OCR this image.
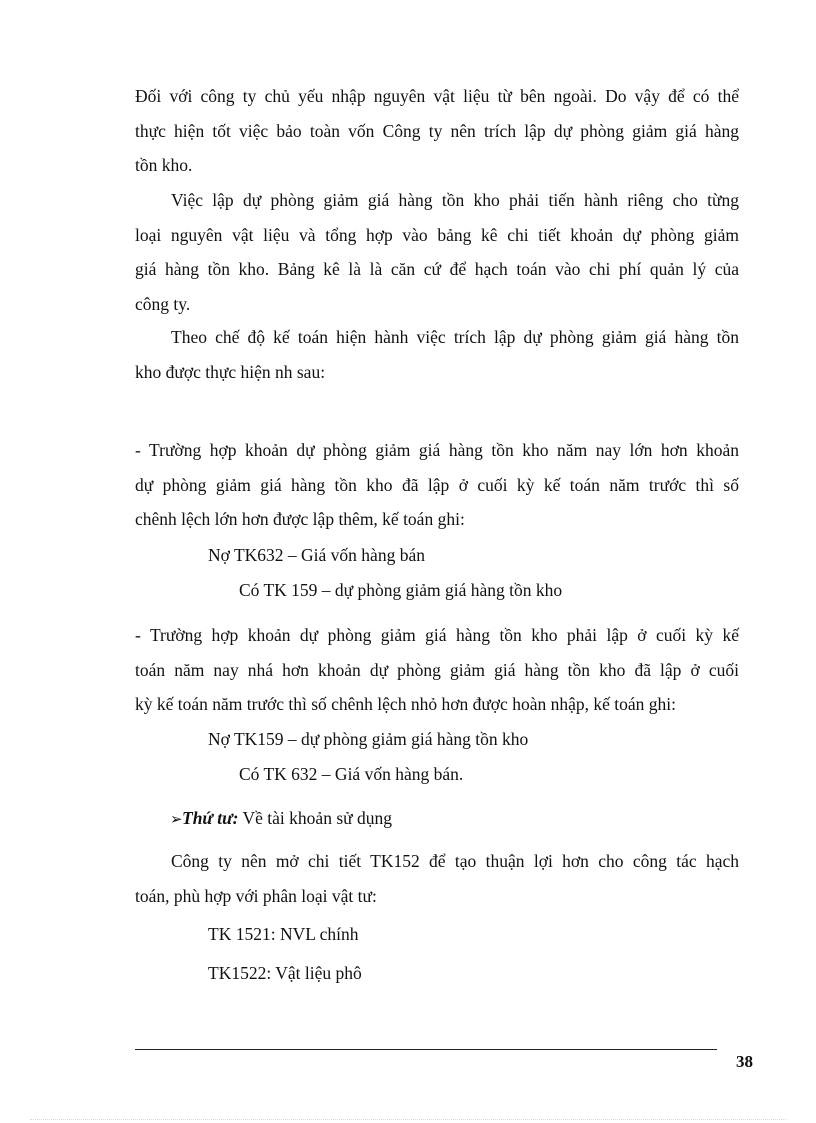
Đối với công ty chủ yếu nhập nguyên vật liệu từ bên ngoài. Do vậy để có thể
thực hiện tốt việc bảo toàn vốn Công ty nên trích lập dự phòng giảm giá hàng
tồn kho.
Việc lập dự phòng giảm giá hàng tồn kho phải tiến hành riêng cho từng
loại nguyên vật liệu và tổng hợp vào bảng kê chi tiết khoản dự phòng giảm
giá hàng tồn kho. Bảng kê là là căn cứ để hạch toán vào chi phí quản lý của
công ty.
Theo chế độ kế toán hiện hành việc trích lập dự phòng giảm giá hàng tồn
kho được thực hiện nh sau:
- Trường hợp khoản dự phòng giảm giá hàng tồn kho năm nay lớn hơn khoản
dự phòng giảm giá hàng tồn kho đã lập ở cuối kỳ kế toán năm trước thì số
chênh lệch lớn hơn được lập thêm, kế toán ghi:
Nợ TK632 – Giá vốn hàng bán
Có TK 159 – dự phòng giảm giá hàng tồn kho
- Trường hợp khoản dự phòng giảm giá hàng tồn kho phải lập ở cuối kỳ kế
toán năm nay nhá hơn khoản dự phòng giảm giá hàng tồn kho đã lập ở cuối
kỳ kế toán năm trước thì số chênh lệch nhỏ hơn được hoàn nhập, kế toán ghi:
Nợ TK159 – dự phòng giảm giá hàng tồn kho
Có TK 632 – Giá vốn hàng bán.
➢Thứ tư: Về tài khoản sử dụng
Công ty nên mở chi tiết TK152 để tạo thuận lợi hơn cho công tác hạch
toán, phù hợp với phân loại vật tư:
TK 1521: NVL chính
TK1522: Vật liệu phô
38
